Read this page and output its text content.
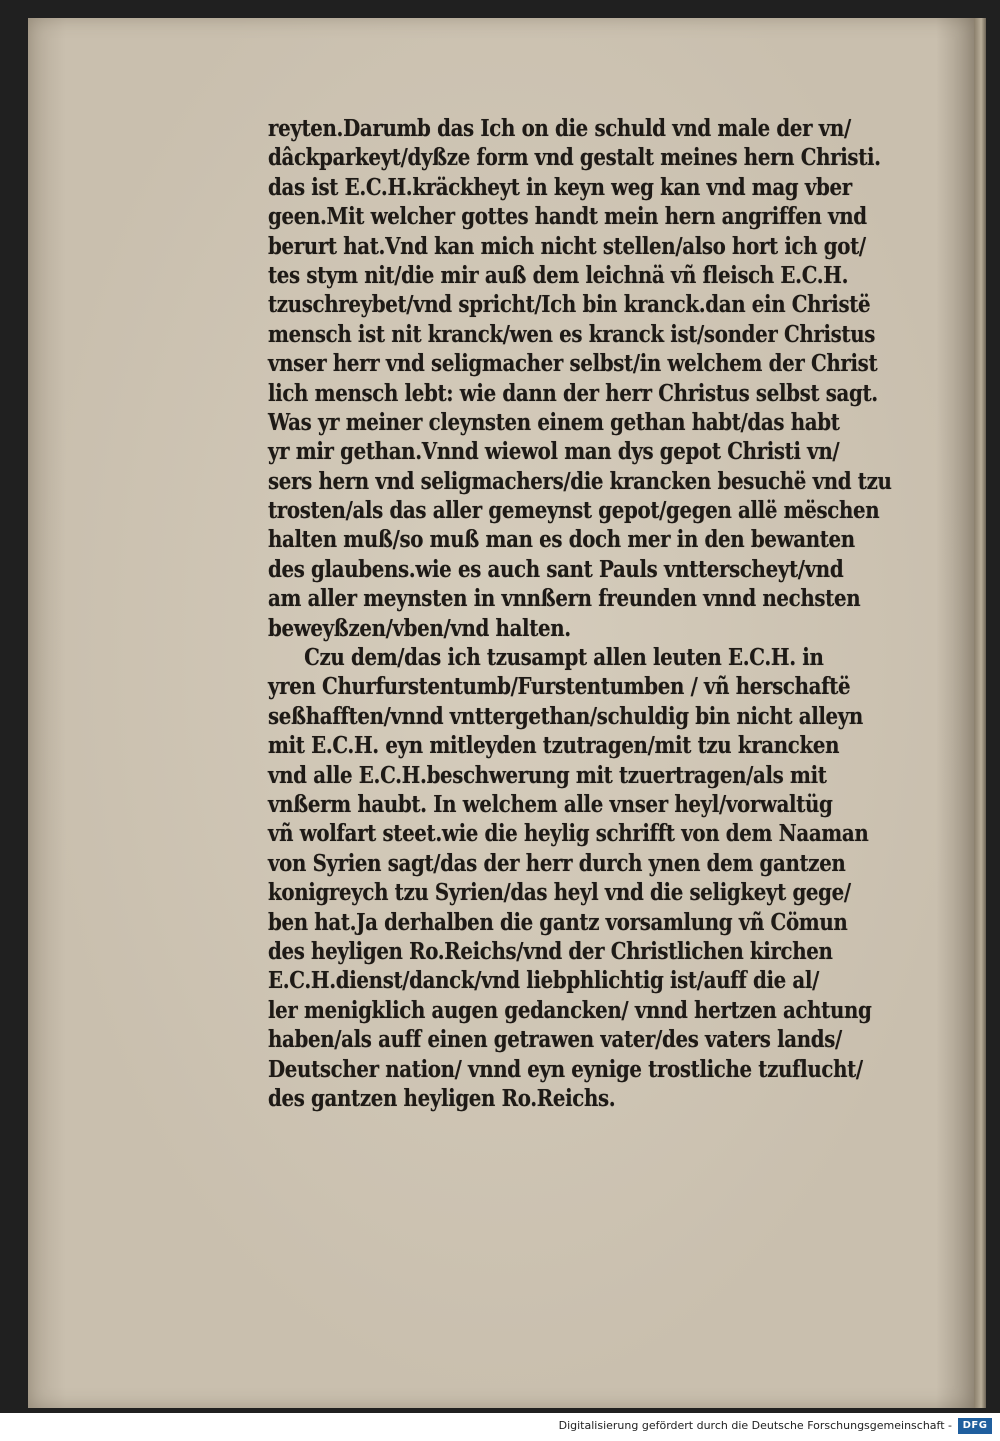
reyten.Darumb das Ich on die schuld vnd male der vn/
dâckparkeyt/dyßze form vnd gestalt meines hern Christi.
das ist E.C.H.kräckheyt in keyn weg kan vnd mag vber
geen.Mit welcher gottes handt mein hern angriffen vnd
berurt hat.Vnd kan mich nicht stellen/also hort ich got/
tes stym nit/die mir auß dem leichnä vñ fleisch E.C.H.
tzuschreybet/vnd spricht/Ich bin kranck.dan ein Christë
mensch ist nit kranck/wen es kranck ist/sonder Christus
vnser herr vnd seligmacher selbst/in welchem der Christ
lich mensch lebt: wie dann der herr Christus selbst sagt.
Was yr meiner cleynsten einem gethan habt/das habt
yr mir gethan.Vnnd wiewol man dys gepot Christi vn/
sers hern vnd seligmachers/die krancken besuchë vnd tzu
trosten/als das aller gemeynst gepot/gegen allë mëschen
halten muß/so muß man es doch mer in den bewanten
des glaubens.wie es auch sant Pauls vntterscheyt/vnd
am aller meynsten in vnnßern freunden vnnd nechsten
beweyßzen/vben/vnd halten.
Czu dem/das ich tzusampt allen leuten E.C.H. in
yren Churfurstentumb/Furstentumben / vñ herschaftë
seßhafften/vnnd vnttergethan/schuldig bin nicht alleyn
mit E.C.H. eyn mitleyden tzutragen/mit tzu krancken
vnd alle E.C.H.beschwerung mit tzuertragen/als mit
vnßerm haubt. In welchem alle vnser heyl/vorwaltüg
vñ wolfart steet.wie die heylig schrifft von dem Naaman
von Syrien sagt/das der herr durch ynen dem gantzen
konigreych tzu Syrien/das heyl vnd die seligkeyt gege/
ben hat.Ja derhalben die gantz vorsamlung vñ Cömun
des heyligen Ro.Reichs/vnd der Christlichen kirchen
E.C.H.dienst/danck/vnd liebphlichtig ist/auff die al/
ler menigklich augen gedancken/ vnnd hertzen achtung
haben/als auff einen getrawen vater/des vaters lands/
Deutscher nation/ vnnd eyn eynige trostliche tzuflucht/
des gantzen heyligen Ro.Reichs.
Digitalisierung gefördert durch die Deutsche Forschungsgemeinschaft -	DFG
